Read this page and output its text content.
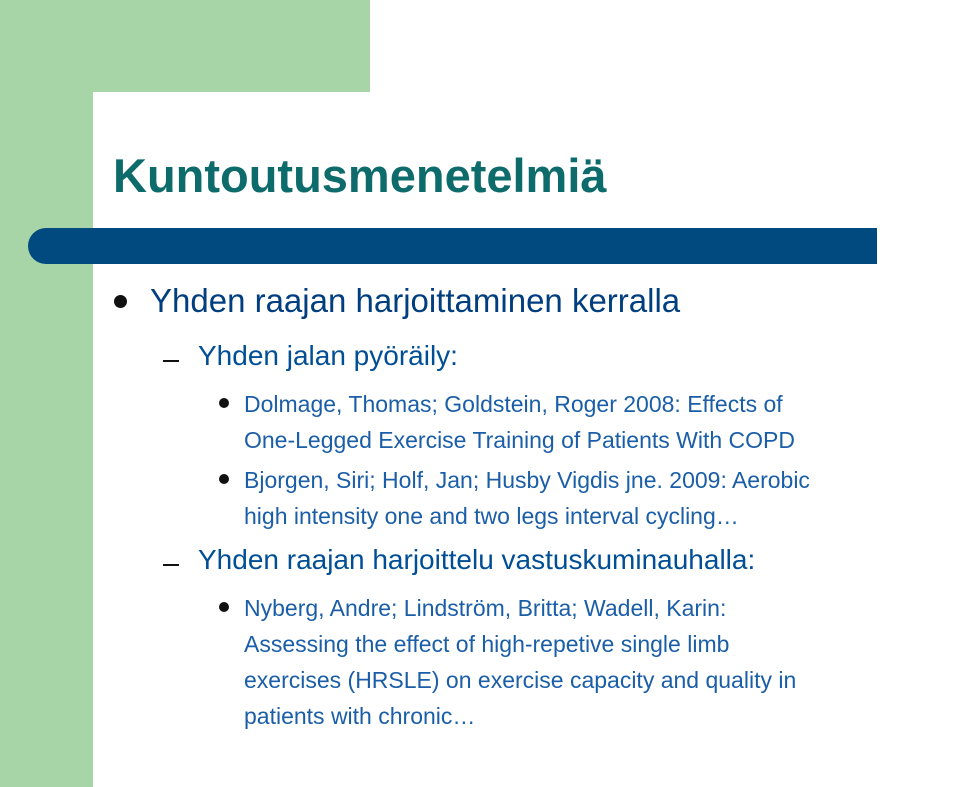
Kuntoutusmenetelmiä
Yhden raajan harjoittaminen kerralla
Yhden jalan pyöräily:
Dolmage, Thomas; Goldstein, Roger 2008: Effects of
One-Legged Exercise Training of Patients With COPD
Bjorgen, Siri; Holf, Jan; Husby Vigdis jne. 2009: Aerobic
high intensity one and two legs interval cycling…
Yhden raajan harjoittelu vastuskuminauhalla:
Nyberg, Andre; Lindström, Britta; Wadell, Karin:
Assessing the effect of high-repetive single limb
exercises (HRSLE) on exercise capacity and quality in
patients with chronic…
